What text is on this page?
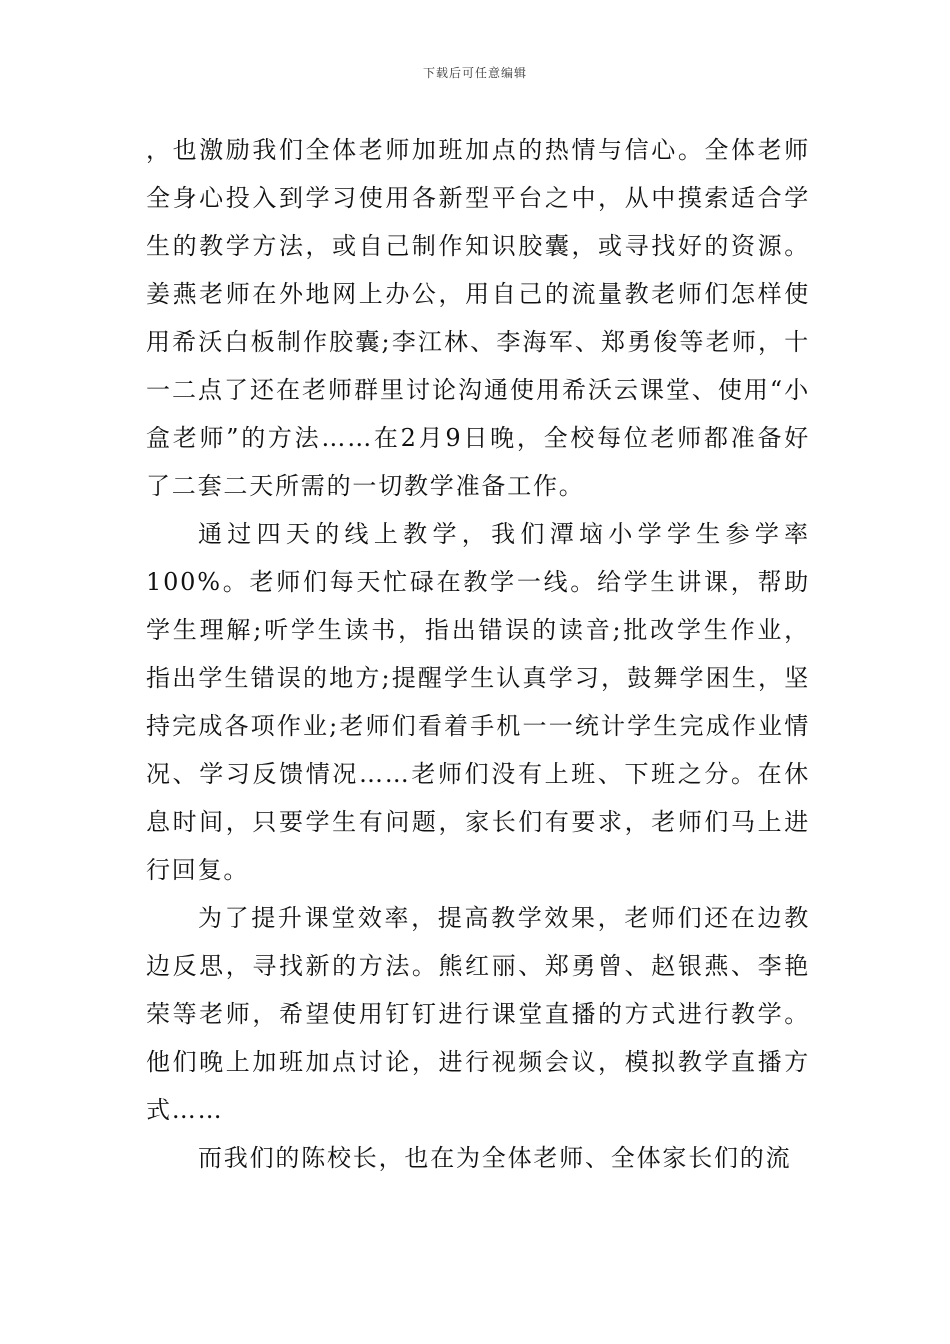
下载后可任意编辑

，也激励我们全体老师加班加点的热情与信心。全体老师全身心投入到学习使用各新型平台之中，从中摸索适合学生的教学方法，或自己制作知识胶囊，或寻找好的资源。姜燕老师在外地网上办公，用自己的流量教老师们怎样使用希沃白板制作胶囊;李江林、李海军、郑勇俊等老师，十一二点了还在老师群里讨论沟通使用希沃云课堂、使用“小盒老师”的方法……在2月9日晚，全校每位老师都准备好了二套二天所需的一切教学准备工作。

通过四天的线上教学，我们潭垴小学学生参学率100%。老师们每天忙碌在教学一线。给学生讲课，帮助学生理解;听学生读书，指出错误的读音;批改学生作业，指出学生错误的地方;提醒学生认真学习，鼓舞学困生，坚持完成各项作业;老师们看着手机一一统计学生完成作业情况、学习反馈情况……老师们没有上班、下班之分。在休息时间，只要学生有问题，家长们有要求，老师们马上进行回复。

为了提升课堂效率，提高教学效果，老师们还在边教边反思，寻找新的方法。熊红丽、郑勇曾、赵银燕、李艳荣等老师，希望使用钉钉进行课堂直播的方式进行教学。他们晚上加班加点讨论，进行视频会议，模拟教学直播方式……

而我们的陈校长，也在为全体老师、全体家长们的流
